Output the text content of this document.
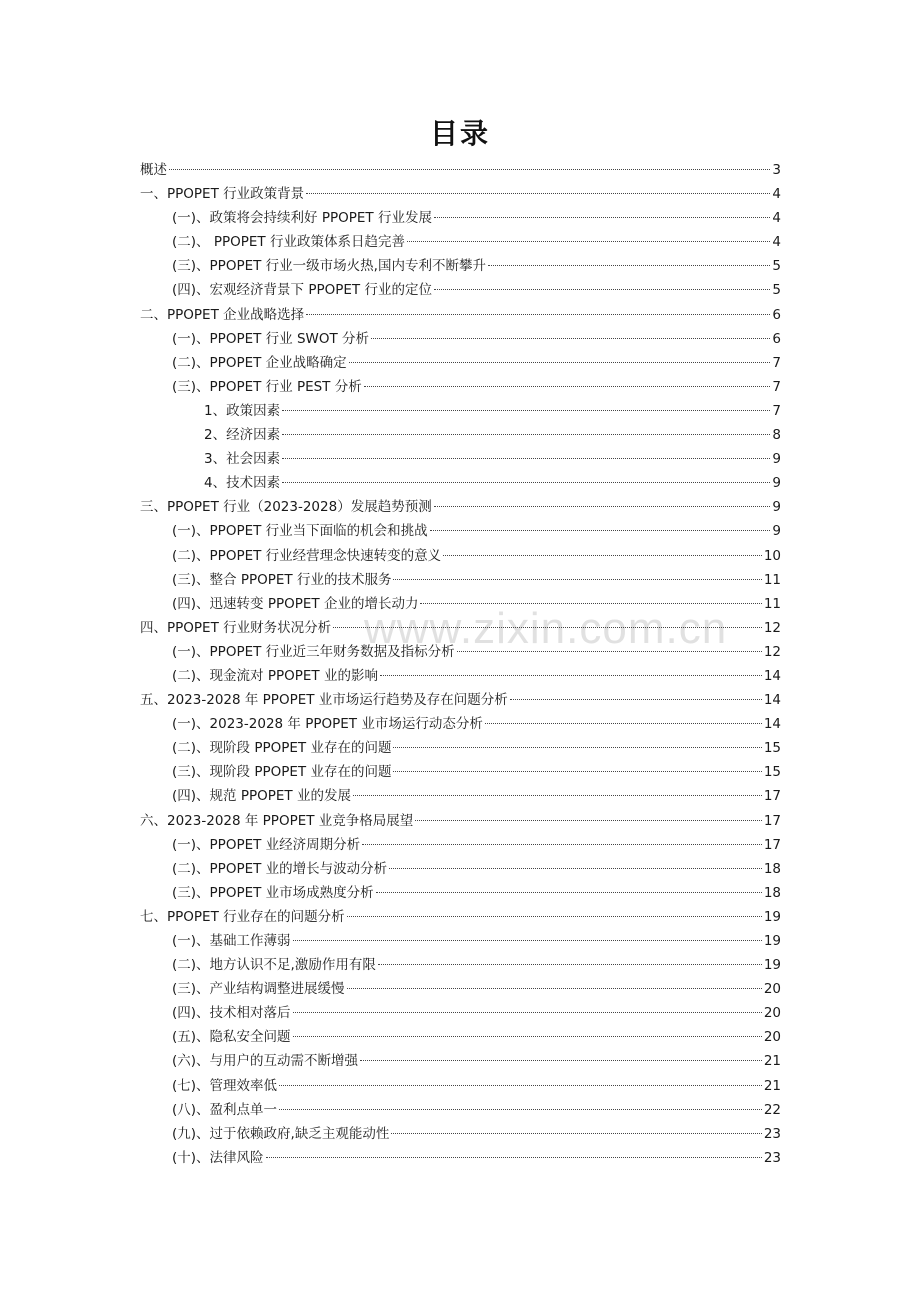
目录
www.zixin.com.cn
概述	3
一、PPOPET 行业政策背景	4
(一)、政策将会持续利好 PPOPET 行业发展	4
(二)、 PPOPET 行业政策体系日趋完善	4
(三)、PPOPET 行业一级市场火热,国内专利不断攀升	5
(四)、宏观经济背景下 PPOPET 行业的定位	5
二、PPOPET 企业战略选择	6
(一)、PPOPET 行业 SWOT 分析	6
(二)、PPOPET 企业战略确定	7
(三)、PPOPET 行业 PEST 分析	7
1、政策因素	7
2、经济因素	8
3、社会因素	9
4、技术因素	9
三、PPOPET 行业（2023-2028）发展趋势预测	9
(一)、PPOPET 行业当下面临的机会和挑战	9
(二)、PPOPET 行业经营理念快速转变的意义	10
(三)、整合 PPOPET 行业的技术服务	11
(四)、迅速转变 PPOPET 企业的增长动力	11
四、PPOPET 行业财务状况分析	12
(一)、PPOPET 行业近三年财务数据及指标分析	12
(二)、现金流对 PPOPET 业的影响	14
五、2023-2028 年 PPOPET 业市场运行趋势及存在问题分析	14
(一)、2023-2028 年 PPOPET 业市场运行动态分析	14
(二)、现阶段 PPOPET 业存在的问题	15
(三)、现阶段 PPOPET 业存在的问题	15
(四)、规范 PPOPET 业的发展	17
六、2023-2028 年 PPOPET 业竞争格局展望	17
(一)、PPOPET 业经济周期分析	17
(二)、PPOPET 业的增长与波动分析	18
(三)、PPOPET 业市场成熟度分析	18
七、PPOPET 行业存在的问题分析	19
(一)、基础工作薄弱	19
(二)、地方认识不足,激励作用有限	19
(三)、产业结构调整进展缓慢	20
(四)、技术相对落后	20
(五)、隐私安全问题	20
(六)、与用户的互动需不断增强	21
(七)、管理效率低	21
(八)、盈利点单一	22
(九)、过于依赖政府,缺乏主观能动性	23
(十)、法律风险	23
